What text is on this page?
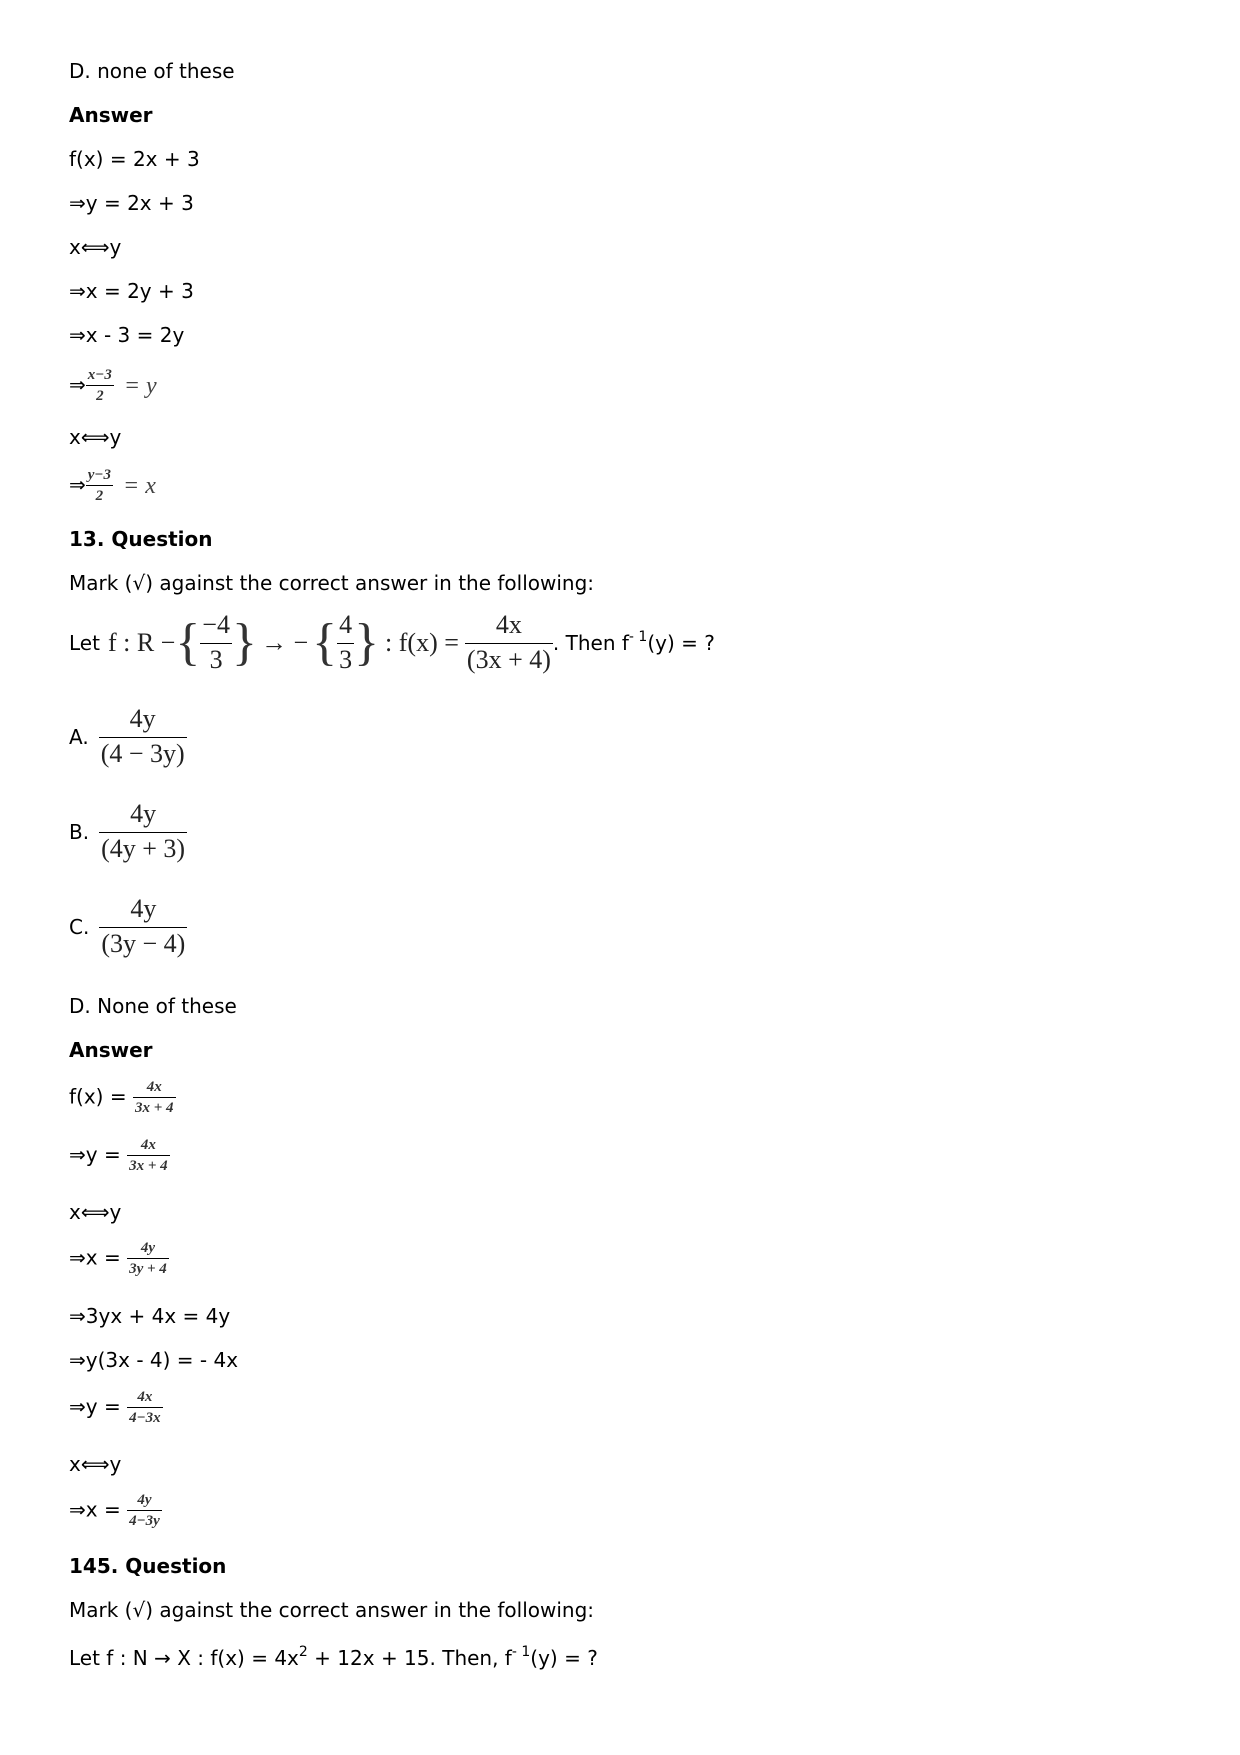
D. none of these
Answer
f(x) = 2x + 3
⇒y = 2x + 3
x⟺y
⇒x = 2y + 3
⇒x - 3 = 2y
⇒ $\frac{x-3}{2} = y$
x⟺y
⇒ $\frac{y-3}{2} = x$
13. Question
Mark (√) against the correct answer in the following:
Let f : R − { $\frac{-4}{3}$ } → − { $\frac{4}{3}$ } : $f(x) = \frac{4x}{(3x + 4)}$ . Then $f^{- 1}(y)$ = ?
A. $\frac{4y}{(4 - 3y)}$
B. $\frac{4y}{(4y + 3)}$
C. $\frac{4y}{(3y - 4)}$
D. None of these
Answer
$f(x) = \frac{4x}{3x + 4}$
⇒y = $\frac{4x}{3x + 4}$
x⟺y
⇒x = $\frac{4y}{3y + 4}$
⇒3yx + 4x = 4y
⇒y(3x - 4) = - 4x
⇒y = $\frac{4x}{4-3x}$
x⟺y
⇒x = $\frac{4y}{4-3y}$
145. Question
Mark (√) against the correct answer in the following:
Let f : N → X : $f(x) = 4x^2 + 12x + 15$. Then, $f^{- 1}(y)$ = ?
